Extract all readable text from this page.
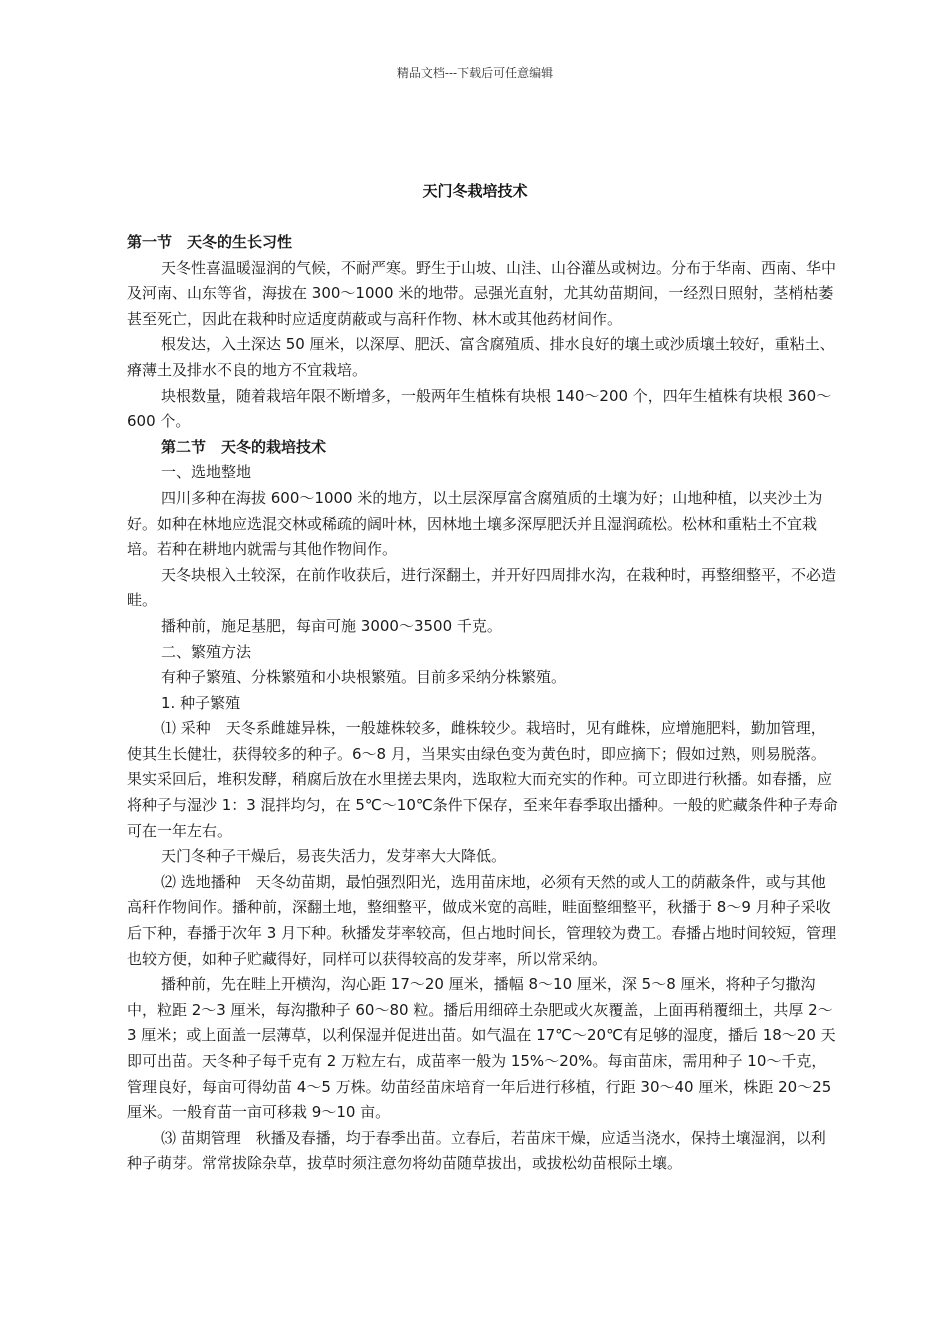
精品文档---下载后可任意编辑
天门冬栽培技术

第一节　天冬的生长习性

天冬性喜温暖湿润的气候，不耐严寒。野生于山坡、山洼、山谷灌丛或树边。分布于华南、西南、华中及河南、山东等省，海拔在 300～1000 米的地带。忌强光直射，尤其幼苗期间，一经烈日照射，茎梢枯萎甚至死亡，因此在栽种时应适度荫蔽或与高秆作物、林木或其他药材间作。

根发达，入土深达 50 厘米，以深厚、肥沃、富含腐殖质、排水良好的壤土或沙质壤土较好，重粘土、瘠薄土及排水不良的地方不宜栽培。

块根数量，随着栽培年限不断增多，一般两年生植株有块根 140～200 个，四年生植株有块根 360～600 个。

第二节　天冬的栽培技术

一、选地整地

四川多种在海拔 600～1000 米的地方，以土层深厚富含腐殖质的土壤为好；山地种植，以夹沙土为好。如种在林地应选混交林或稀疏的阔叶林，因林地土壤多深厚肥沃并且湿润疏松。松林和重粘土不宜栽培。若种在耕地内就需与其他作物间作。

天冬块根入土较深，在前作收获后，进行深翻土，并开好四周排水沟，在栽种时，再整细整平，不必造畦。

播种前，施足基肥，每亩可施 3000～3500 千克。

二、繁殖方法

有种子繁殖、分株繁殖和小块根繁殖。目前多采纳分株繁殖。

1. 种子繁殖

⑴ 采种　天冬系雌雄异株，一般雄株较多，雌株较少。栽培时，见有雌株，应增施肥料，勤加管理，使其生长健壮，获得较多的种子。6～8 月，当果实由绿色变为黄色时，即应摘下；假如过熟，则易脱落。果实采回后，堆积发酵，稍腐后放在水里搓去果肉，选取粒大而充实的作种。可立即进行秋播。如春播，应将种子与湿沙 1：3 混拌均匀，在 5℃～10℃条件下保存，至来年春季取出播种。一般的贮藏条件种子寿命可在一年左右。

天门冬种子干燥后，易丧失活力，发芽率大大降低。

⑵ 选地播种　天冬幼苗期，最怕强烈阳光，选用苗床地，必须有天然的或人工的荫蔽条件，或与其他高秆作物间作。播种前，深翻土地，整细整平，做成米宽的高畦，畦面整细整平，秋播于 8～9 月种子采收后下种，春播于次年 3 月下种。秋播发芽率较高，但占地时间长，管理较为费工。春播占地时间较短，管理也较方便，如种子贮藏得好，同样可以获得较高的发芽率，所以常采纳。

播种前，先在畦上开横沟，沟心距 17～20 厘米，播幅 8～10 厘米，深 5～8 厘米，将种子匀撒沟中，粒距 2～3 厘米，每沟撒种子 60～80 粒。播后用细碎土杂肥或火灰覆盖，上面再稍覆细土，共厚 2～3 厘米；或上面盖一层薄草，以利保湿并促进出苗。如气温在 17℃～20℃有足够的湿度，播后 18～20 天即可出苗。天冬种子每千克有 2 万粒左右，成苗率一般为 15%～20%。每亩苗床，需用种子 10～千克，管理良好，每亩可得幼苗 4～5 万株。幼苗经苗床培育一年后进行移植，行距 30～40 厘米，株距 20～25 厘米。一般育苗一亩可移栽 9～10 亩。

⑶ 苗期管理　秋播及春播，均于春季出苗。立春后，若苗床干燥，应适当浇水，保持土壤湿润，以利种子萌芽。常常拔除杂草，拔草时须注意勿将幼苗随草拔出，或拔松幼苗根际土壤。
